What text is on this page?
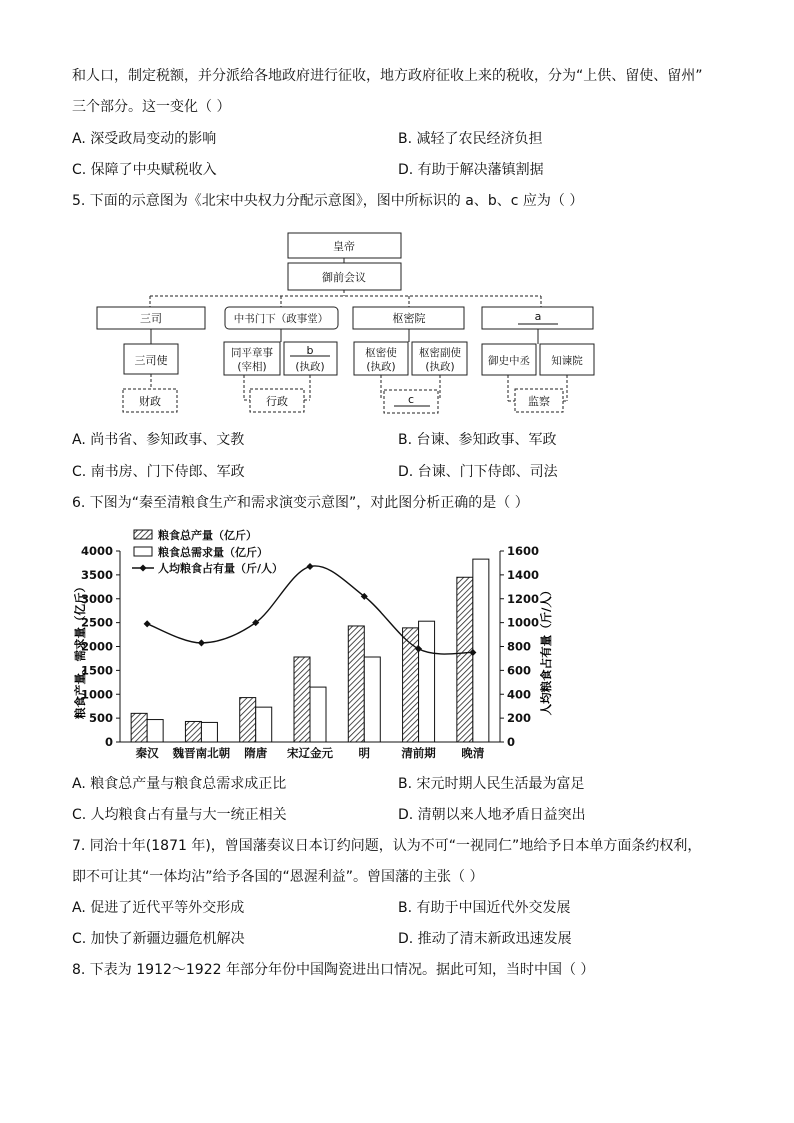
和人口，制定税额，并分派给各地政府进行征收，地方政府征收上来的税收，分为“上供、留使、留州”
三个部分。这一变化（ ）
A. 深受政局变动的影响	B. 减轻了农民经济负担
C. 保障了中央赋税收入	D. 有助于解决藩镇割据
5. 下面的示意图为《北宋中央权力分配示意图》，图中所标识的 a、b、c 应为（ ）
皇帝
御前会议
三司	中书门下（政事堂）	枢密院	a
三司使
同平章事
(宰相)
b
(执政)
枢密使
(执政)
枢密副使
(执政)	御史中丞 知谏院
财政	行政	c	监察
A. 尚书省、参知政事、文教	B. 台谏、参知政事、军政
C. 南书房、门下侍郎、军政	D. 台谏、门下侍郎、司法
6. 下图为“秦至清粮食生产和需求演变示意图”，对此图分析正确的是（ ）
0
500
1000
1500
2000
2500
3000
3500
4000
0
200
400
600
800
1000
1200
1400
1600
秦汉 魏晋南北朝 隋唐 宋辽金元 明	清前期 晚清
粮食总产量（亿斤）
粮食总需求量（亿斤）
人均粮食占有量（斤/人）
粮食产量、需求量（亿斤）	人均粮食占有量（斤/人）
A. 粮食总产量与粮食总需求成正比	B. 宋元时期人民生活最为富足
C. 人均粮食占有量与大一统正相关	D. 清朝以来人地矛盾日益突出
7. 同治十年(1871 年)，曾国藩奏议日本订约问题，认为不可“一视同仁”地给予日本单方面条约权利，
即不可让其“一体均沾”给予各国的“恩渥利益”。曾国藩的主张（ ）
A. 促进了近代平等外交形成	B. 有助于中国近代外交发展
C. 加快了新疆边疆危机解决	D. 推动了清末新政迅速发展
8. 下表为 1912～1922 年部分年份中国陶瓷进出口情况。据此可知，当时中国（ ）
